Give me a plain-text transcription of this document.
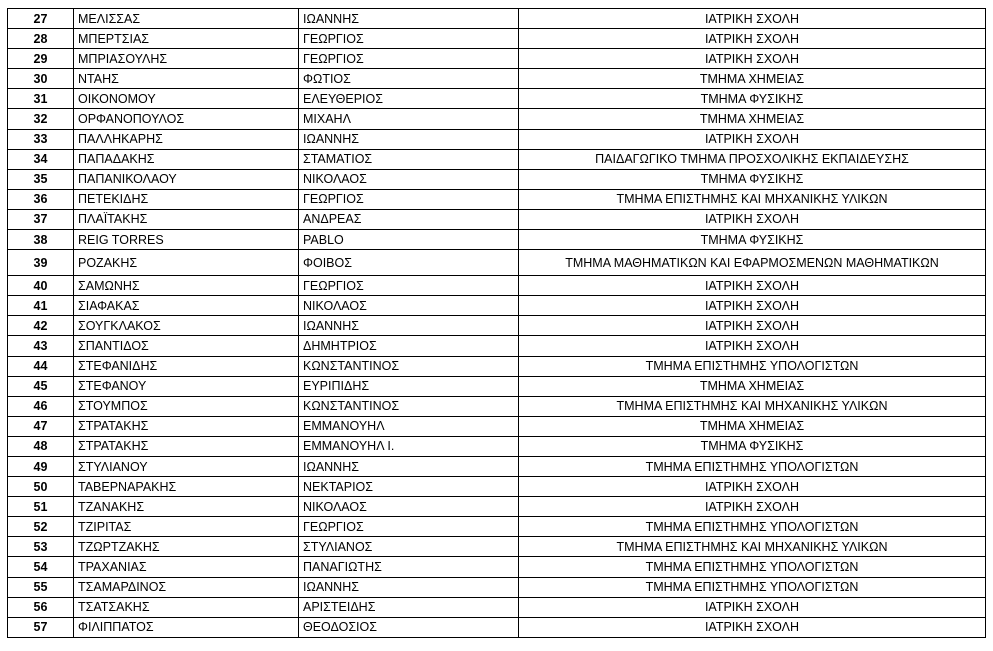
27	ΜΕΛΙΣΣΑΣ	ΙΩΑΝΝΗΣ	ΙΑΤΡΙΚΗ ΣΧΟΛΗ
28	ΜΠΕΡΤΣΙΑΣ	ΓΕΩΡΓΙΟΣ	ΙΑΤΡΙΚΗ ΣΧΟΛΗ
29	ΜΠΡΙΑΣΟΥΛΗΣ	ΓΕΩΡΓΙΟΣ	ΙΑΤΡΙΚΗ ΣΧΟΛΗ
30	ΝΤΑΗΣ	ΦΩΤΙΟΣ	ΤΜΗΜΑ ΧΗΜΕΙΑΣ
31	ΟΙΚΟΝΟΜΟΥ	ΕΛΕΥΘΕΡΙΟΣ	ΤΜΗΜΑ ΦΥΣΙΚΗΣ
32	ΟΡΦΑΝΟΠΟΥΛΟΣ	ΜΙΧΑΗΛ	ΤΜΗΜΑ ΧΗΜΕΙΑΣ
33	ΠΑΛΛΗΚΑΡΗΣ	ΙΩΑΝΝΗΣ	ΙΑΤΡΙΚΗ ΣΧΟΛΗ
34	ΠΑΠΑΔΑΚΗΣ	ΣΤΑΜΑΤΙΟΣ	ΠΑΙΔΑΓΩΓΙΚΟ ΤΜΗΜΑ ΠΡΟΣΧΟΛΙΚΗΣ ΕΚΠΑΙΔΕΥΣΗΣ
35	ΠΑΠΑΝΙΚΟΛΑΟΥ	ΝΙΚΟΛΑΟΣ	ΤΜΗΜΑ ΦΥΣΙΚΗΣ
36	ΠΕΤΕΚΙΔΗΣ	ΓΕΩΡΓΙΟΣ	ΤΜΗΜΑ ΕΠΙΣΤΗΜΗΣ ΚΑΙ ΜΗΧΑΝΙΚΗΣ ΥΛΙΚΩΝ
37	ΠΛΑΪΤΑΚΗΣ	ΑΝΔΡΕΑΣ	ΙΑΤΡΙΚΗ ΣΧΟΛΗ
38	REIG TORRES	PABLO	ΤΜΗΜΑ ΦΥΣΙΚΗΣ
39	ΡΟΖΑΚΗΣ	ΦΟΙΒΟΣ	ΤΜΗΜΑ ΜΑΘΗΜΑΤΙΚΩΝ ΚΑΙ ΕΦΑΡΜΟΣΜΕΝΩΝ ΜΑΘΗΜΑΤΙΚΩΝ
40	ΣΑΜΩΝΗΣ	ΓΕΩΡΓΙΟΣ	ΙΑΤΡΙΚΗ ΣΧΟΛΗ
41	ΣΙΑΦΑΚΑΣ	ΝΙΚΟΛΑΟΣ	ΙΑΤΡΙΚΗ ΣΧΟΛΗ
42	ΣΟΥΓΚΛΑΚΟΣ	ΙΩΑΝΝΗΣ	ΙΑΤΡΙΚΗ ΣΧΟΛΗ
43	ΣΠΑΝΤΙΔΟΣ	ΔΗΜΗΤΡΙΟΣ	ΙΑΤΡΙΚΗ ΣΧΟΛΗ
44	ΣΤΕΦΑΝΙΔΗΣ	ΚΩΝΣΤΑΝΤΙΝΟΣ	ΤΜΗΜΑ ΕΠΙΣΤΗΜΗΣ ΥΠΟΛΟΓΙΣΤΩΝ
45	ΣΤΕΦΑΝΟΥ	ΕΥΡΙΠΙΔΗΣ	ΤΜΗΜΑ ΧΗΜΕΙΑΣ
46	ΣΤΟΥΜΠΟΣ	ΚΩΝΣΤΑΝΤΙΝΟΣ	ΤΜΗΜΑ ΕΠΙΣΤΗΜΗΣ ΚΑΙ ΜΗΧΑΝΙΚΗΣ ΥΛΙΚΩΝ
47	ΣΤΡΑΤΑΚΗΣ	ΕΜΜΑΝΟΥΗΛ	ΤΜΗΜΑ ΧΗΜΕΙΑΣ
48	ΣΤΡΑΤΑΚΗΣ	ΕΜΜΑΝΟΥΗΛ Ι.	ΤΜΗΜΑ ΦΥΣΙΚΗΣ
49	ΣΤΥΛΙΑΝΟΥ	ΙΩΑΝΝΗΣ	ΤΜΗΜΑ ΕΠΙΣΤΗΜΗΣ ΥΠΟΛΟΓΙΣΤΩΝ
50	ΤΑΒΕΡΝΑΡΑΚΗΣ	ΝΕΚΤΑΡΙΟΣ	ΙΑΤΡΙΚΗ ΣΧΟΛΗ
51	ΤΖΑΝΑΚΗΣ	ΝΙΚΟΛΑΟΣ	ΙΑΤΡΙΚΗ ΣΧΟΛΗ
52	ΤΖΙΡΙΤΑΣ	ΓΕΩΡΓΙΟΣ	ΤΜΗΜΑ ΕΠΙΣΤΗΜΗΣ ΥΠΟΛΟΓΙΣΤΩΝ
53	ΤΖΩΡΤΖΑΚΗΣ	ΣΤΥΛΙΑΝΟΣ	ΤΜΗΜΑ ΕΠΙΣΤΗΜΗΣ ΚΑΙ ΜΗΧΑΝΙΚΗΣ ΥΛΙΚΩΝ
54	ΤΡΑΧΑΝΙΑΣ	ΠΑΝΑΓΙΩΤΗΣ	ΤΜΗΜΑ ΕΠΙΣΤΗΜΗΣ ΥΠΟΛΟΓΙΣΤΩΝ
55	ΤΣΑΜΑΡΔΙΝΟΣ	ΙΩΑΝΝΗΣ	ΤΜΗΜΑ ΕΠΙΣΤΗΜΗΣ ΥΠΟΛΟΓΙΣΤΩΝ
56	ΤΣΑΤΣΑΚΗΣ	ΑΡΙΣΤΕΙΔΗΣ	ΙΑΤΡΙΚΗ ΣΧΟΛΗ
57	ΦΙΛΙΠΠΑΤΟΣ	ΘΕΟΔΟΣΙΟΣ	ΙΑΤΡΙΚΗ ΣΧΟΛΗ
